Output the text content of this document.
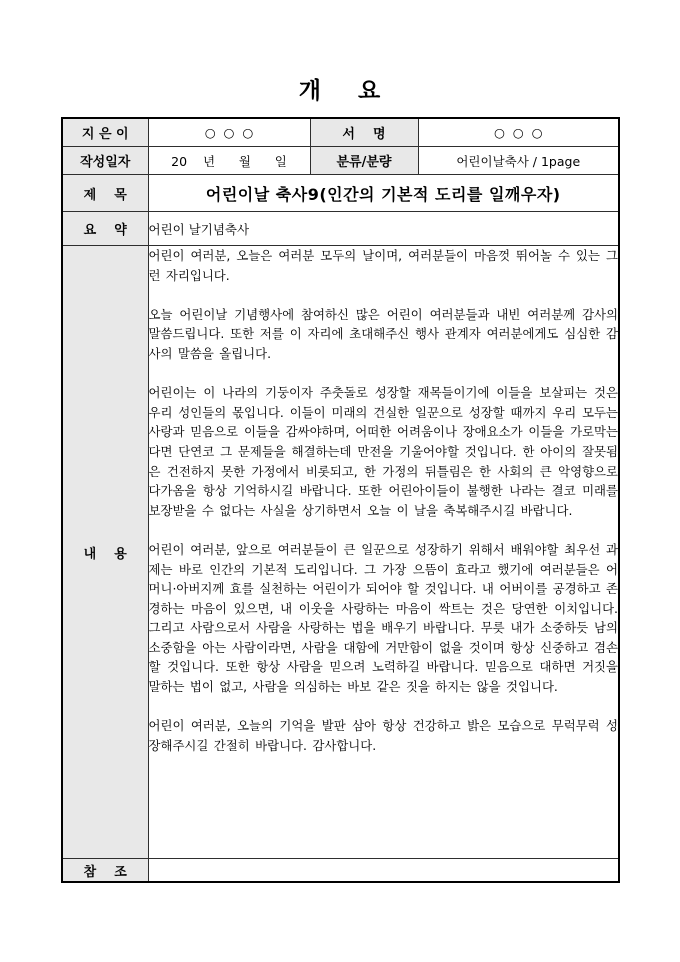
개    요
지 은 이	○  ○  ○	서    명	○  ○  ○
작성일자	20    년      월      일	분류/분량	어린이날축사 / 1page
제    목	어린이날 축사9(인간의 기본적 도리를 일깨우자)		
요    약	어린이 날기념축사		
내    용	어린이 여러분, 오늘은 여러분 모두의 날이며, 여러분들이 마음껏 뛰어놀 수 있는 그런 자리입니다.

오늘 어린이날 기념행사에 참여하신 많은 어린이 여러분들과 내빈 여러분께 감사의 말씀드립니다. 또한 저를 이 자리에 초대해주신 행사 관계자 여러분에게도 심심한 감사의 말씀을 올립니다.

어린이는 이 나라의 기둥이자 주춧돌로 성장할 재목들이기에 이들을 보살피는 것은 우리 성인들의 몫입니다. 이들이 미래의 건실한 일꾼으로 성장할 때까지 우리 모두는 사랑과 믿음으로 이들을 감싸야하며, 어떠한 어려움이나 장애요소가 이들을 가로막는다면 단연코 그 문제들을 해결하는데 만전을 기울어야할 것입니다. 한 아이의 잘못됨은 건전하지 못한 가정에서 비롯되고, 한 가정의 뒤틀림은 한 사회의 큰 악영향으로 다가옴을 항상 기억하시길 바랍니다. 또한 어린아이들이 불행한 나라는 결코 미래를 보장받을 수 없다는 사실을 상기하면서 오늘 이 날을 축복해주시길 바랍니다.

어린이 여러분, 앞으로 여러분들이 큰 일꾼으로 성장하기 위해서 배워야할 최우선 과제는 바로 인간의 기본적 도리입니다. 그 가장 으뜸이 효라고 했기에 여러분들은 어머니·아버지께 효를 실천하는 어린이가 되어야 할 것입니다. 내 어버이를 공경하고 존경하는 마음이 있으면, 내 이웃을 사랑하는 마음이 싹트는 것은 당연한 이치입니다. 그리고 사람으로서 사람을 사랑하는 법을 배우기 바랍니다. 무릇 내가 소중하듯 남의 소중함을 아는 사람이라면, 사람을 대함에 거만함이 없을 것이며 항상 신중하고 겸손할 것입니다. 또한 항상 사람을 믿으려 노력하길 바랍니다. 믿음으로 대하면 거짓을 말하는 법이 없고, 사람을 의심하는 바보 같은 짓을 하지는 않을 것입니다.

어린이 여러분, 오늘의 기억을 발판 삼아 항상 건강하고 밝은 모습으로 무럭무럭 성장해주시길 간절히 바랍니다. 감사합니다.		

참    조			
